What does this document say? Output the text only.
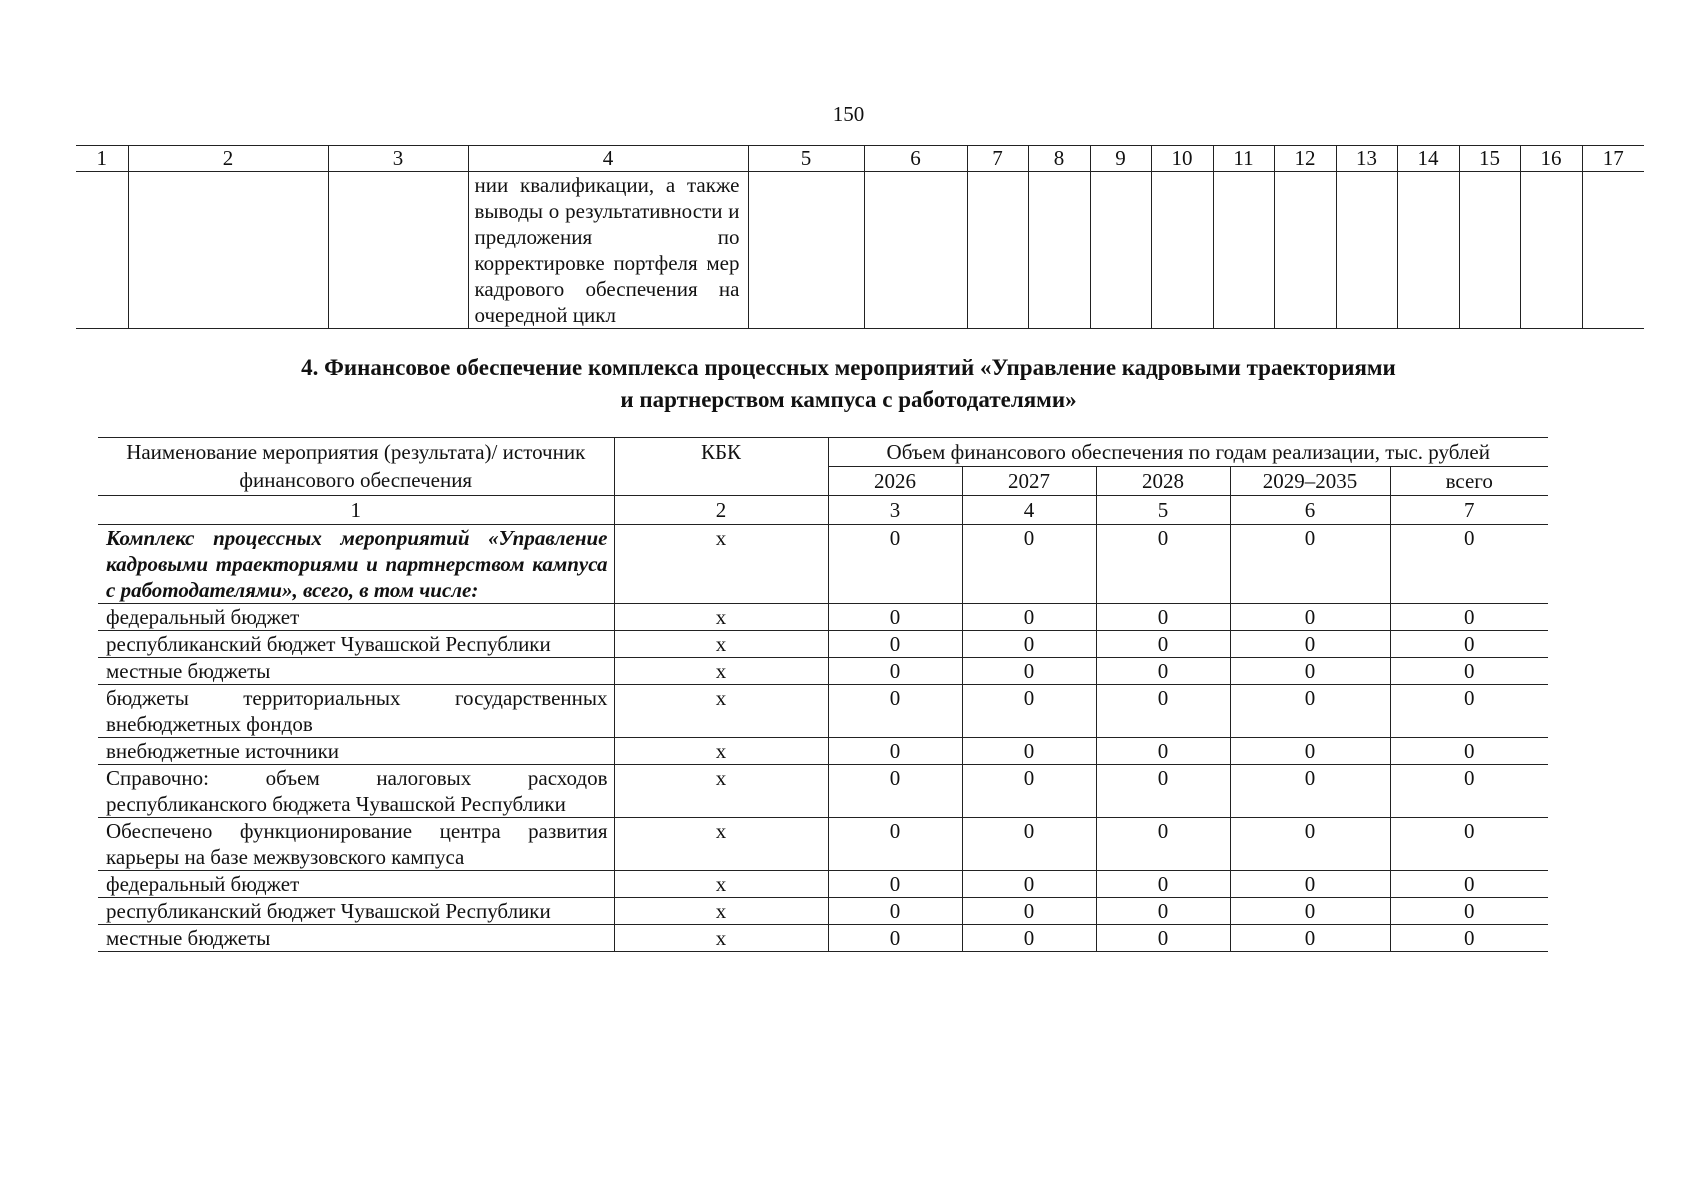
150
1	2	3	4	5	6	7	8	9	10	11	12	13	14	15	16	17
			нии квалификации, а также выводы о результативности и предложения по корректировке портфеля мер кадрового обеспечения на очередной цикл													
4. Финансовое обеспечение комплекса процессных мероприятий «Управление кадровыми траекториями
и партнерством кампуса с работодателями»
Наименование мероприятия (результата)/ источник финансового обеспечения	КБК	Объем финансового обеспечения по годам реализации, тыс. рублей				
		2026	2027	2028	2029–2035	всего
1	2	3	4	5	6	7
Комплекс процессных мероприятий «Управление кадровыми траекториями и партнерством кампуса с работодателями», всего, в том числе:	х	0	0	0	0	0
федеральный бюджет	х	0	0	0	0	0
республиканский бюджет Чувашской Республики	х	0	0	0	0	0
местные бюджеты	х	0	0	0	0	0
бюджеты территориальных государственных внебюджетных фондов	х	0	0	0	0	0
внебюджетные источники	х	0	0	0	0	0
Справочно: объем налоговых расходов республиканского бюджета Чувашской Республики	х	0	0	0	0	0
Обеспечено функционирование центра развития карьеры на базе межвузовского кампуса	х	0	0	0	0	0
федеральный бюджет	х	0	0	0	0	0
республиканский бюджет Чувашской Республики	х	0	0	0	0	0
местные бюджеты	х	0	0	0	0	0
